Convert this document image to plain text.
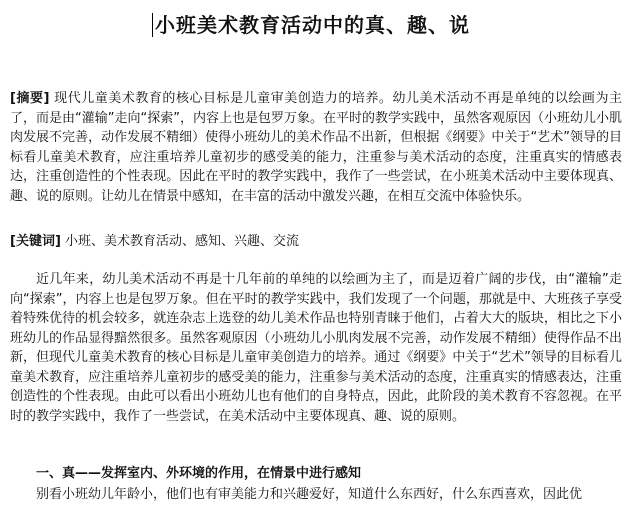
小班美术教育活动中的真、趣、说
[摘要] 现代儿童美术教育的核心目标是儿童审美创造力的培养。幼儿美术活动不再是单纯的以绘画为主了，而是由“灌输”走向“探索”，内容上也是包罗万象。在平时的教学实践中，虽然客观原因（小班幼儿小肌肉发展不完善，动作发展不精细）使得小班幼儿的美术作品不出新，但根据《纲要》中关于“艺术”领导的目标看儿童美术教育，应注重培养儿童初步的感受美的能力，注重参与美术活动的态度，注重真实的情感表达，注重创造性的个性表现。因此在平时的教学实践中，我作了一些尝试，在小班美术活动中主要体现真、趣、说的原则。让幼儿在情景中感知，在丰富的活动中激发兴趣，在相互交流中体验快乐。
[关键词] 小班、美术教育活动、感知、兴趣、交流
近几年来，幼儿美术活动不再是十几年前的单纯的以绘画为主了，而是迈着广阔的步伐，由“灌输”走向“探索”，内容上也是包罗万象。但在平时的教学实践中，我们发现了一个问题，那就是中、大班孩子享受着特殊优待的机会较多，就连杂志上选登的幼儿美术作品也特别青睐于他们，占着大大的版块，相比之下小班幼儿的作品显得黯然很多。虽然客观原因（小班幼儿小肌肉发展不完善，动作发展不精细）使得作品不出新，但现代儿童美术教育的核心目标是儿童审美创造力的培养。通过《纲要》中关于“艺术”领导的目标看儿童美术教育，应注重培养儿童初步的感受美的能力，注重参与美术活动的态度，注重真实的情感表达，注重创造性的个性表现。由此可以看出小班幼儿也有他们的自身特点，因此，此阶段的美术教育不容忽视。在平时的教学实践中，我作了一些尝试，在美术活动中主要体现真、趣、说的原则。
一、真——发挥室内、外环境的作用，在情景中进行感知
别看小班幼儿年龄小，他们也有审美能力和兴趣爱好，知道什么东西好，什么东西喜欢，因此优
